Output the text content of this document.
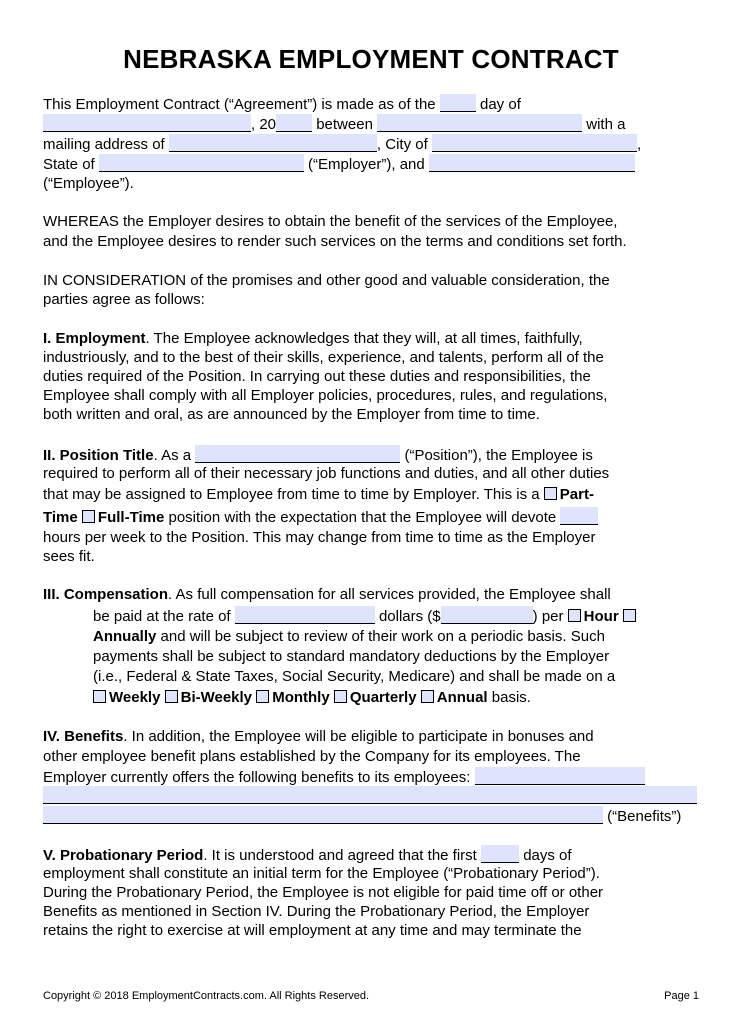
NEBRASKA EMPLOYMENT CONTRACT
This Employment Contract (“Agreement”) is made as of the	day of
, 20	between	with a
mailing address of	, City of	,
State of	(“Employer”), and
(“Employee”).
WHEREAS the Employer desires to obtain the benefit of the services of the Employee,
and the Employee desires to render such services on the terms and conditions set forth.
IN CONSIDERATION of the promises and other good and valuable consideration, the
parties agree as follows:
I. Employment. The Employee acknowledges that they will, at all times, faithfully,
industriously, and to the best of their skills, experience, and talents, perform all of the
duties required of the Position. In carrying out these duties and responsibilities, the
Employee shall comply with all Employer policies, procedures, rules, and regulations,
both written and oral, as are announced by the Employer from time to time.
II. Position Title. As a	(“Position”), the Employee is
required to perform all of their necessary job functions and duties, and all other duties
that may be assigned to Employee from time to time by Employer. This is a Part-
Time Full-Time position with the expectation that the Employee will devote
hours per week to the Position. This may change from time to time as the Employer
sees fit.
III. Compensation. As full compensation for all services provided, the Employee shall
be paid at the rate of	dollars ($	) per Hour
Annually and will be subject to review of their work on a periodic basis. Such
payments shall be subject to standard mandatory deductions by the Employer
(i.e., Federal & State Taxes, Social Security, Medicare) and shall be made on a
Weekly Bi-Weekly Monthly Quarterly Annual basis.
IV. Benefits. In addition, the Employee will be eligible to participate in bonuses and
other employee benefit plans established by the Company for its employees. The
Employer currently offers the following benefits to its employees:
(“Benefits”)
V. Probationary Period. It is understood and agreed that the first	days of
employment shall constitute an initial term for the Employee (“Probationary Period”).
During the Probationary Period, the Employee is not eligible for paid time off or other
Benefits as mentioned in Section IV. During the Probationary Period, the Employer
retains the right to exercise at will employment at any time and may terminate the
Copyright © 2018 EmploymentContracts.com. All Rights Reserved.	Page 1
